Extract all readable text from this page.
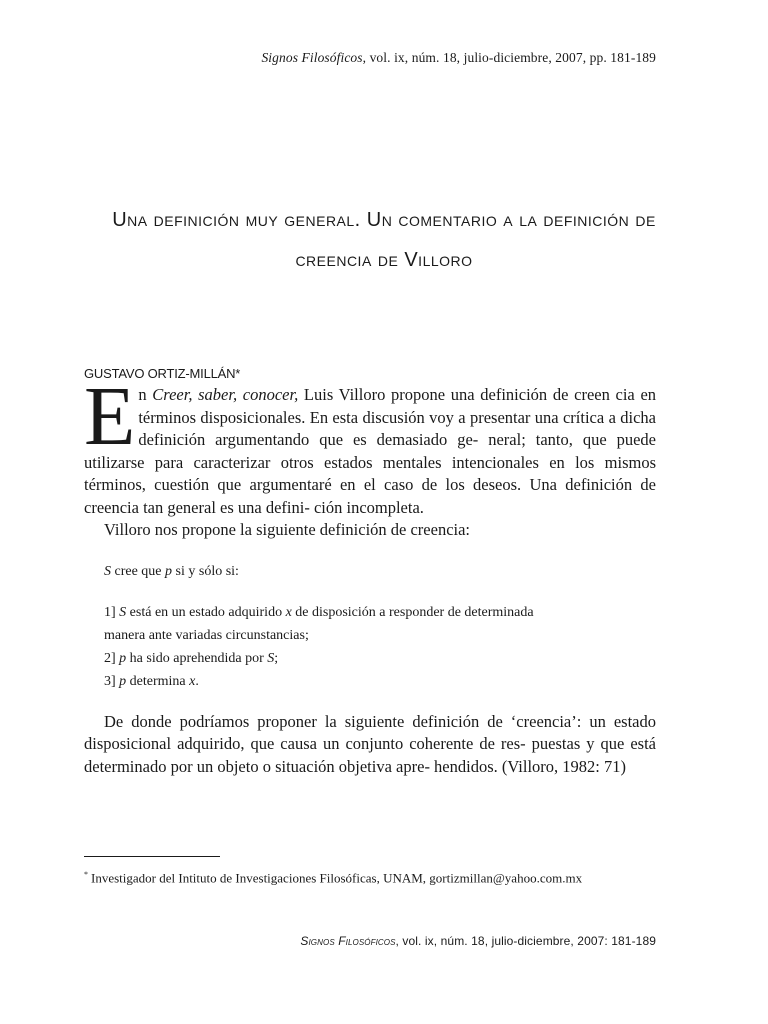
Signos Filosóficos, vol. ix, núm. 18, julio-diciembre, 2007, pp. 181-189
Una definición muy general. Un comentario a la definición de
creencia de Villoro
GUSTAVO ORTIZ-MILLÁN*

En Creer, saber, conocer, Luis Villoro propone una definición de creen cia en términos disposicionales. En esta discusión voy a presentar una crítica a dicha definición argumentando que es demasiado ge- neral; tanto, que puede utilizarse para caracterizar otros estados mentales intencionales en los mismos términos, cuestión que argumentaré en el caso de los deseos. Una definición de creencia tan general es una defini- ción incompleta.

Villoro nos propone la siguiente definición de creencia:

S cree que p si y sólo si:

1] S está en un estado adquirido x de disposición a responder de determinada

manera ante variadas circunstancias;

2] p ha sido aprehendida por S;

3] p determina x.

De donde podríamos proponer la siguiente definición de ‘creencia’: un estado disposicional adquirido, que causa un conjunto coherente de res- puestas y que está determinado por un objeto o situación objetiva apre- hendidos. (Villoro, 1982: 71)

* Investigador del Intituto de Investigaciones Filosóficas, UNAM, gortizmillan@yahoo.com.mx
Signos Filosóficos, vol. ix, núm. 18, julio-diciembre, 2007: 181-189
